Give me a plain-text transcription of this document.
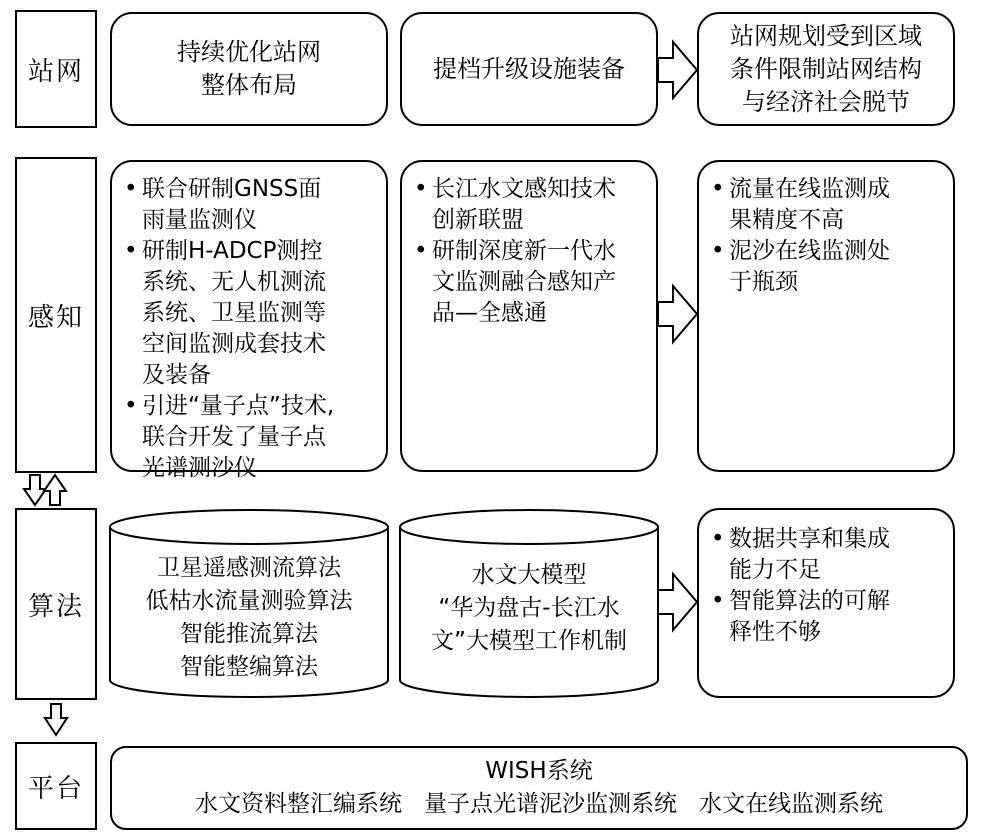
站网
感知
算法
平台
持续优化站网
整体布局
提档升级设施装备
站网规划受到区域
条件限制站网结构
与经济社会脱节
• 联合研制GNSS面
雨量监测仪
• 研制H-ADCP测控
系统、无人机测流
系统、卫星监测等
空间监测成套技术
及装备
• 引进“量子点”技术,
联合开发了量子点
光谱测沙仪
• 长江水文感知技术
创新联盟
• 研制深度新一代水
文监测融合感知产
品—全感通
• 流量在线监测成
果精度不高
• 泥沙在线监测处
于瓶颈
卫星遥感测流算法
低枯水流量测验算法
智能推流算法
智能整编算法
水文大模型
“华为盘古-长江水
文”大模型工作机制
• 数据共享和集成
能力不足
• 智能算法的可解
释性不够
WISH系统
水文资料整汇编系统 量子点光谱泥沙监测系统 水文在线监测系统
